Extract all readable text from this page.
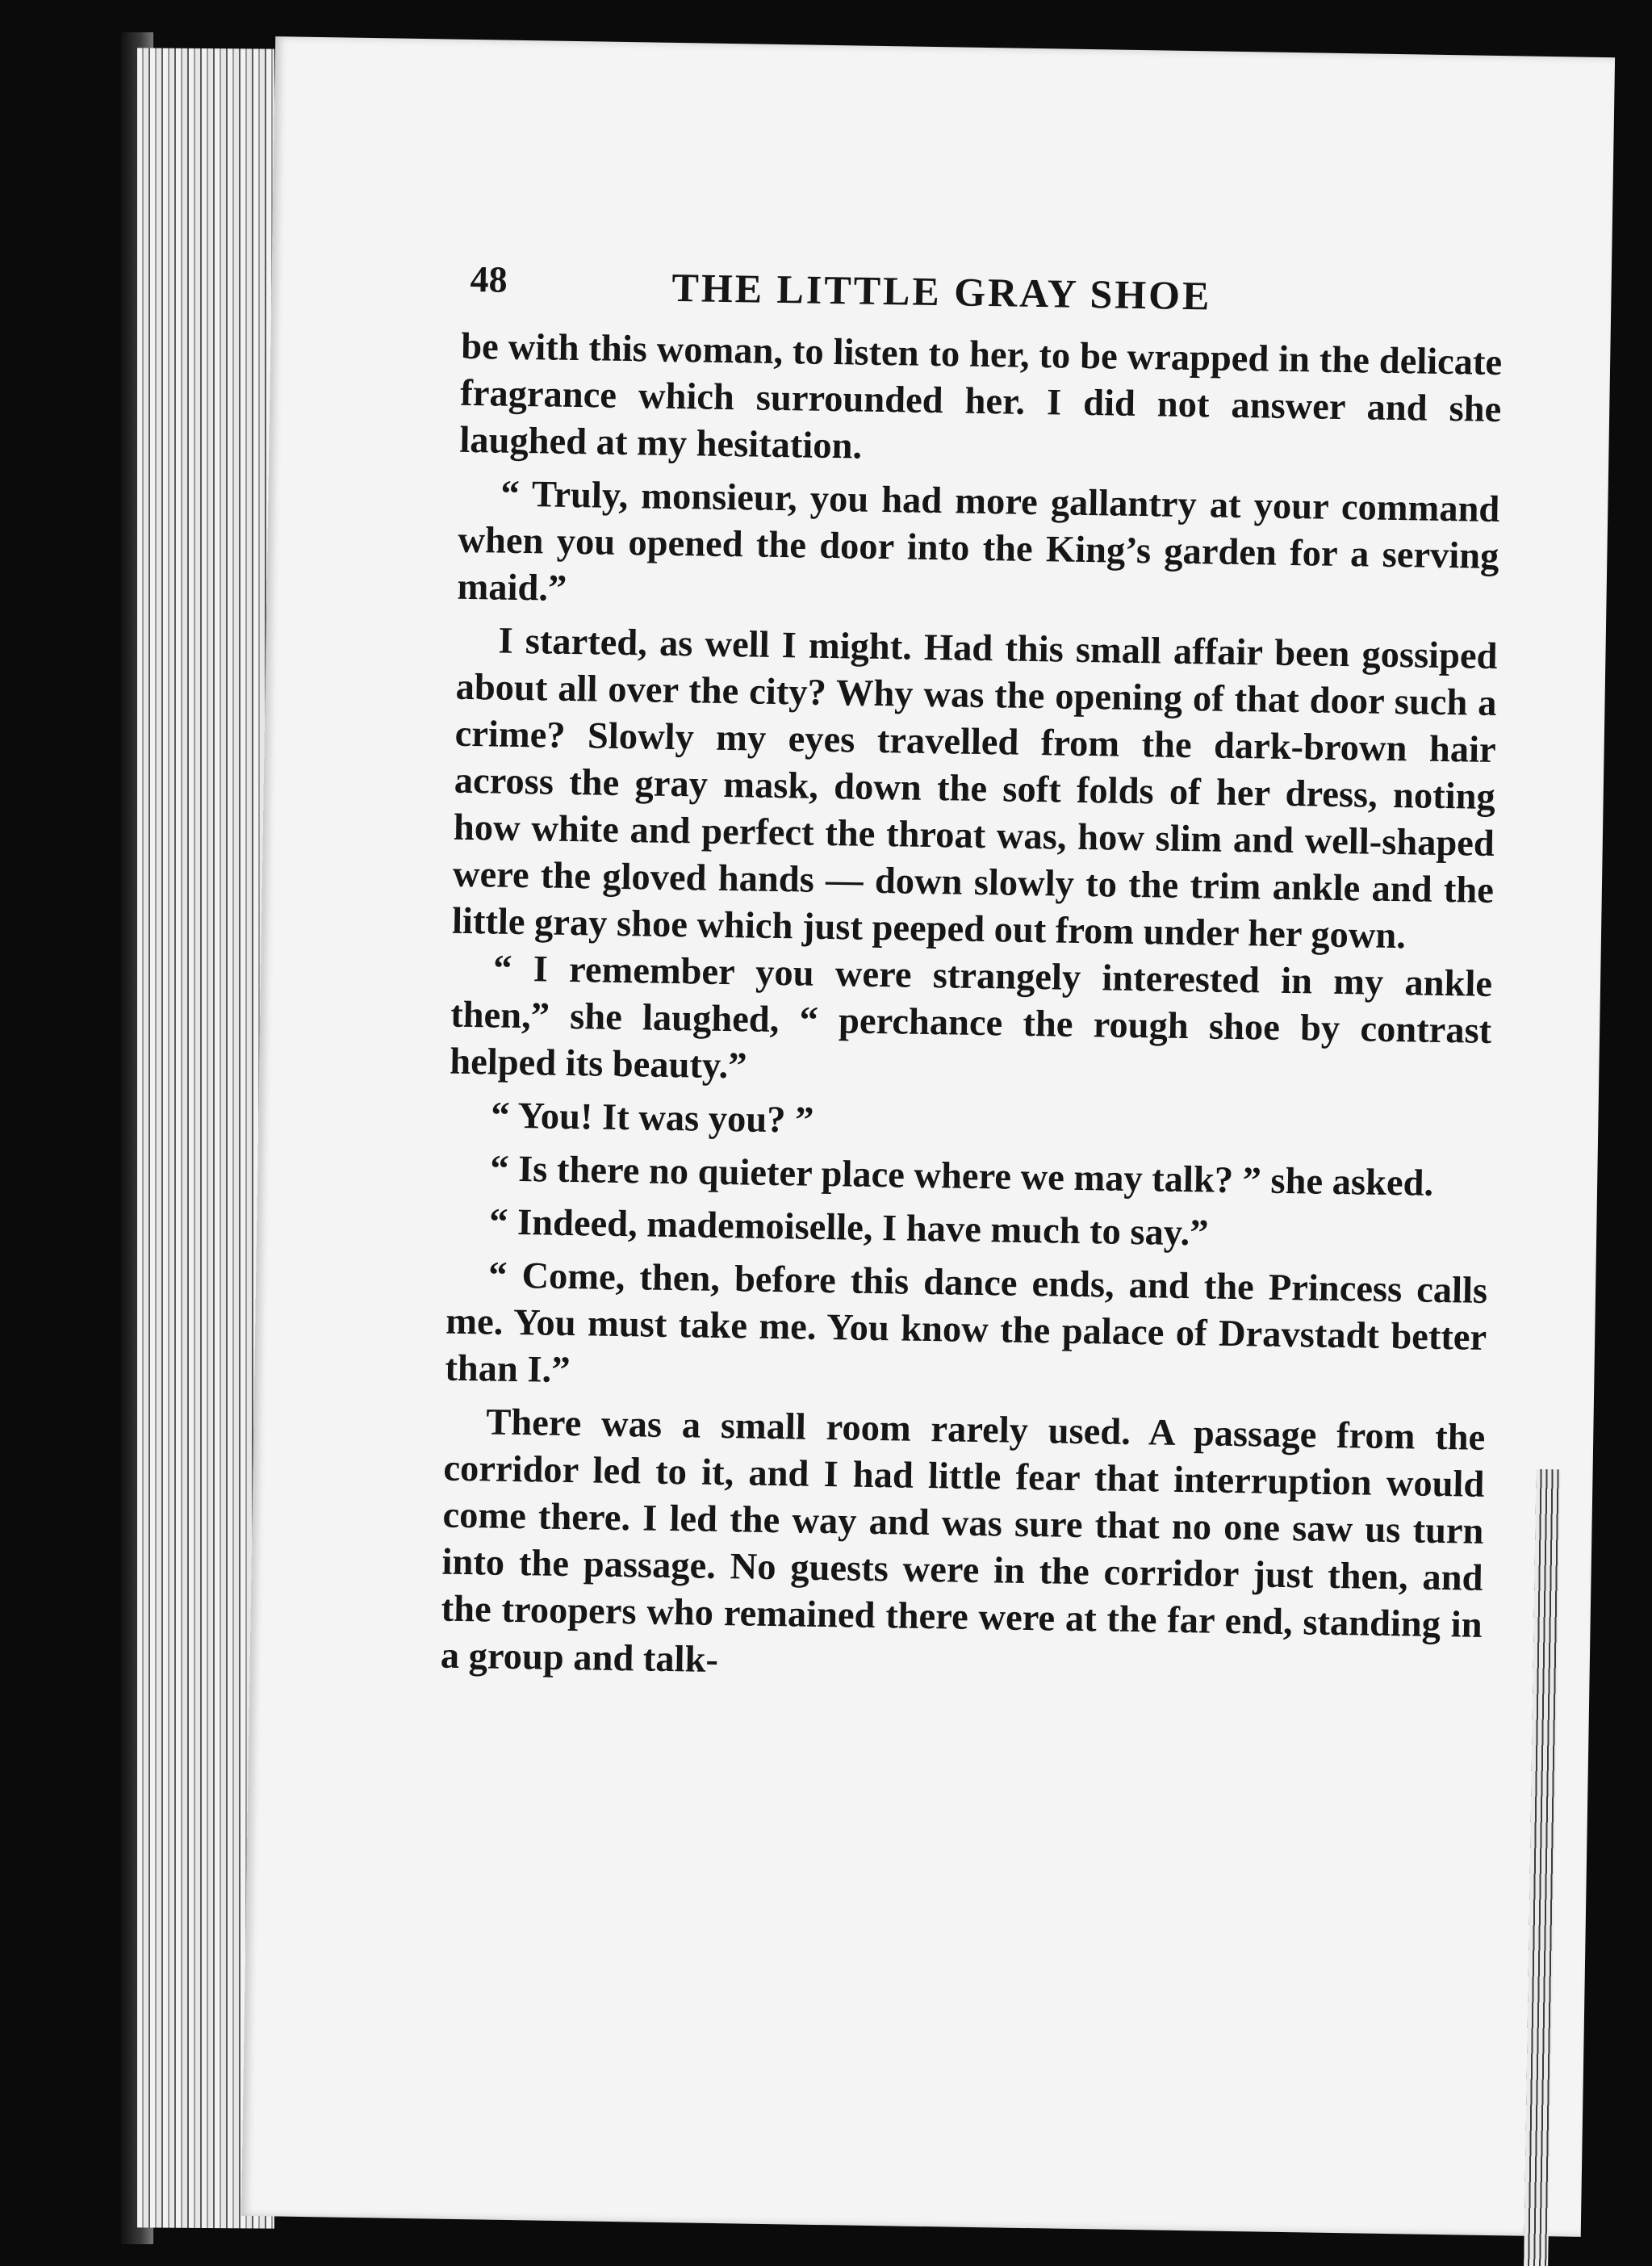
48	THE LITTLE GRAY SHOE

be with this woman, to listen to her, to be wrapped in the delicate fragrance which surrounded her. I did not answer and she laughed at my hesitation.

“ Truly, monsieur, you had more gallantry at your command when you opened the door into the King’s garden for a serving maid.”

I started, as well I might. Had this small affair been gossiped about all over the city? Why was the opening of that door such a crime? Slowly my eyes travelled from the dark-brown hair across the gray mask, down the soft folds of her dress, noting how white and perfect the throat was, how slim and well-shaped were the gloved hands — down slowly to the trim ankle and the little gray shoe which just peeped out from under her gown.

“ I remember you were strangely interested in my ankle then,” she laughed, “ perchance the rough shoe by contrast helped its beauty.”

“ You! It was you? ”

“ Is there no quieter place where we may talk? ” she asked.

“ Indeed, mademoiselle, I have much to say.”

“ Come, then, before this dance ends, and the Princess calls me. You must take me. You know the palace of Dravstadt better than I.”

There was a small room rarely used. A passage from the corridor led to it, and I had little fear that interruption would come there. I led the way and was sure that no one saw us turn into the passage. No guests were in the corridor just then, and the troopers who remained there were at the far end, standing in a group and talk-
